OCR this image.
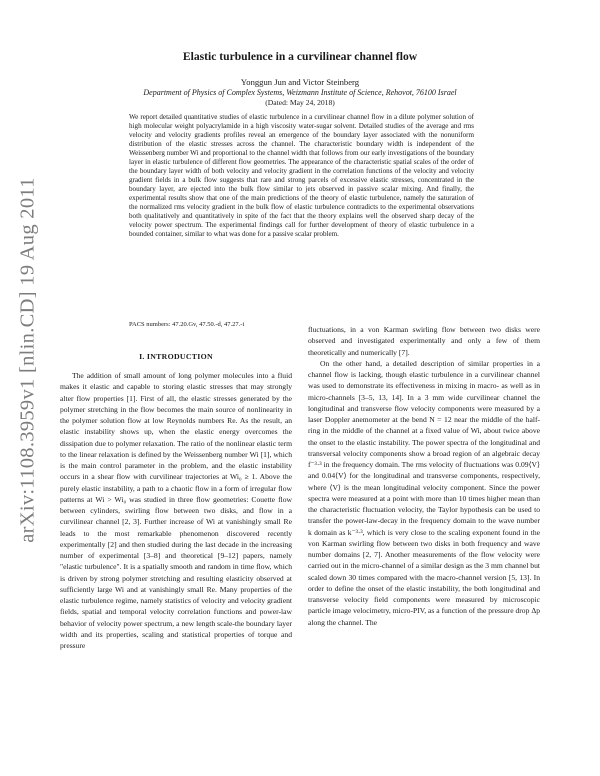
arXiv:1108.3959v1 [nlin.CD] 19 Aug 2011
Elastic turbulence in a curvilinear channel flow
Yonggun Jun and Victor Steinberg
Department of Physics of Complex Systems, Weizmann Institute of Science, Rehovot, 76100 Israel
(Dated: May 24, 2018)

We report detailed quantitative studies of elastic turbulence in a curvilinear channel flow in a dilute polymer solution of high molecular weight polyacrylamide in a high viscosity water-sugar solvent. Detailed studies of the average and rms velocity and velocity gradients profiles reveal an emergence of the boundary layer associated with the nonuniform distribution of the elastic stresses across the channel. The characteristic boundary width is independent of the Weissenberg number Wi and proportional to the channel width that follows from our early investigations of the boundary layer in elastic turbulence of different flow geometries. The appearance of the characteristic spatial scales of the order of the boundary layer width of both velocity and velocity gradient in the correlation functions of the velocity and velocity gradient fields in a bulk flow suggests that rare and strong parcels of excessive elastic stresses, concentrated in the boundary layer, are ejected into the bulk flow similar to jets observed in passive scalar mixing. And finally, the experimental results show that one of the main predictions of the theory of elastic turbulence, namely the saturation of the normalized rms velocity gradient in the bulk flow of elastic turbulence contradicts to the experimental observations both qualitatively and quantitatively in spite of the fact that the theory explains well the observed sharp decay of the velocity power spectrum. The experimental findings call for further development of theory of elastic turbulence in a bounded container, similar to what was done for a passive scalar problem.

PACS numbers: 47.20.Gv, 47.50.-d, 47.27.-i
I. INTRODUCTION

The addition of small amount of long polymer molecules into a fluid makes it elastic and capable to storing elastic stresses that may strongly alter flow properties [1]. First of all, the elastic stresses generated by the polymer stretching in the flow becomes the main source of nonlinearity in the polymer solution flow at low Reynolds numbers Re. As the result, an elastic instability shows up, when the elastic energy overcomes the dissipation due to polymer relaxation. The ratio of the nonlinear elastic term to the linear relaxation is defined by the Weissenberg number Wi [1], which is the main control parameter in the problem, and the elastic instability occurs in a shear flow with curvilinear trajectories at Wi₀ ≥ 1. Above the purely elastic instability, a path to a chaotic flow in a form of irregular flow patterns at Wi > Wi₀ was studied in three flow geometries: Couette flow between cylinders, swirling flow between two disks, and flow in a curvilinear channel [2, 3]. Further increase of Wi at vanishingly small Re leads to the most remarkable phenomenon discovered recently experimentally [2] and then studied during the last decade in the increasing number of experimental [3–8] and theoretical [9–12] papers, namely "elastic turbulence". It is a spatially smooth and random in time flow, which is driven by strong polymer stretching and resulting elasticity observed at sufficiently large Wi and at vanishingly small Re. Many properties of the elastic turbulence regime, namely statistics of velocity and velocity gradient fields, spatial and temporal velocity correlation functions and power-law behavior of velocity power spectrum, a new length scale-the boundary layer width and its properties, scaling and statistical properties of torque and pressure

fluctuations, in a von Karman swirling flow between two disks were observed and investigated experimentally and only a few of them theoretically and numerically [7].

On the other hand, a detailed description of similar properties in a channel flow is lacking, though elastic turbulence in a curvilinear channel was used to demonstrate its effectiveness in mixing in macro- as well as in micro-channels [3–5, 13, 14]. In a 3 mm wide curvilinear channel the longitudinal and transverse flow velocity components were measured by a laser Doppler anemometer at the bend N = 12 near the middle of the half-ring in the middle of the channel at a fixed value of Wi, about twice above the onset to the elastic instability. The power spectra of the longitudinal and transversal velocity components show a broad region of an algebraic decay f⁻³·³ in the frequency domain. The rms velocity of fluctuations was 0.09⟨V⟩ and 0.04⟨V⟩ for the longitudinal and transverse components, respectively, where ⟨V⟩ is the mean longitudinal velocity component. Since the power spectra were measured at a point with more than 10 times higher mean than the characteristic fluctuation velocity, the Taylor hypothesis can be used to transfer the power-law-decay in the frequency domain to the wave number k domain as k⁻³·³, which is very close to the scaling exponent found in the von Karman swirling flow between two disks in both frequency and wave number domains [2, 7]. Another measurements of the flow velocity were carried out in the micro-channel of a similar design as the 3 mm channel but scaled down 30 times compared with the macro-channel version [5, 13]. In order to define the onset of the elastic instability, the both longitudinal and transverse velocity field components were measured by microscopic particle image velocimetry, micro-PIV, as a function of the pressure drop Δp along the channel. The
